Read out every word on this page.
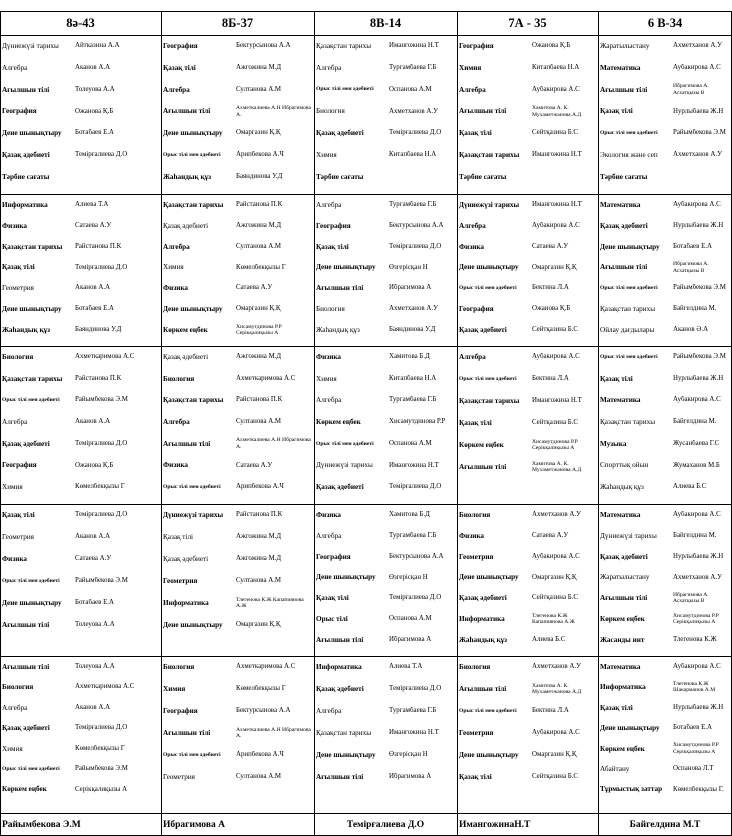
8ә-43
Дүниежүзі тарихы	Айтказина А.А
Алгебра	Аканов А.А
Ағылшын тілі	Толеуова А.А
География	Ожанова Қ.Б
Дене шынықтыру	Ботабаев Е.А
Қазақ әдебиеті	Темірғалиева Д.О
Тәрбие сағаты
Информатика	Алиева Т.А
Физика	Сатаева А.У
Қазақстан тарихы	Райстанова П.К
Қазақ тілі	Темірғалиева Д.О
Геометрия	Аканов А.А
Дене шынықтыру	Ботабаев Е.А
Жаһандық құз	Баяндинова У.Д
Биология	Ахметкаримова А.С
Қазақстан тарихы	Райстанова П.К
Орыс тілі мен әдебиеті	Райымбекова Э.М
Алгебра	Аканов А.А
Қазақ әдебиеті	Темірғалиева Д.О
География	Ожанова Қ.Б
Химия	Көмелбекқызы Г
Қазақ тілі	Темірғалиева Д.О
Геометрия	Аканов А.А
Физика	Сатаева А.У
Орыс тілі мен әдебиеті	Райымбекова Э.М
Дене шынықтыру	Ботабаев Е.А
Ағылшын тілі	Толеуова А.А
Ағылшын тілі	Толеуова А.А
Биология	Ахметкаримова А.С
Алгебра	Аканов А.А
Қазақ әдебиеті	Темірғалиева Д.О
Химия	Көмелбекқызы Г
Орыс тілі мен әдебиеті	Райымбекова Э.М
Көркем еңбек	Серікқалиқызы А
Райымбекова Э.М
8Б-37
География	Бектурсынова А.А
Қазақ тілі	Ажгожина М.Д
Алгебра	Султанова А.М
Ағылшын тілі	Ахметкалиева А.Н Ибрагимова А.
Дене шынықтыру	Омаргазин Қ.Қ
Орыс тілі мен әдебиеті	Арипбекова А.Ч
Жаһандық құз	Баяндинова У.Д
Қазақстан тарихы	Райстанова П.К
Қазақ әдебиеті	Ажгожина М.Д
Алгебра	Султанова А.М
Химия	Көмелбекқызы Г
Физика	Сатаева А.У
Дене шынықтыру	Омаргазин Қ.Қ
Көркем еңбек	Хисамутдинова Р.Р Серікқалиқызы А
Қазақ әдебиеті	Ажгожина М.Д
Биология	Ахметкаримова А.С
Қазақстан тарихы	Райстанова П.К
Алгебра	Султанова А.М
Ағылшын тілі	Ахметкалиева А.Н Ибрагимова А.
Физика	Сатаева А.У
Орыс тілі мен әдебиеті	Арипбекова А.Ч
Дүниежүзі тарихы	Райстанова П.К
Қазақ тілі	Ажгожина М.Д
Қазақ әдебиеті	Ажгожина М.Д
Геометрия	Султанова А.М
Информатика	Тлегенова К.Ж Капапиянова А.Ж
Дене шынықтыру	Омаргазин Қ.Қ
Биология	Ахметкаримова А.С
Химия	Көмелбекқызы Г
География	Бектурсынова А.А
Ағылшын тілі	Ахметкалиева А.Н Ибрагимова А.
Орыс тілі мен әдебиеті	Арипбекова А.Ч
Геометрия	Султанова А.М
Ибрагимова А
8В-14
Қазақстан тарихы	Имангожина Н.Т
Алгебра	Тургамбаева Г.Б
Орыс тілі мен әдебиеті	Оспанова А.М
Биология	Ахметханов А.У
Қазақ әдебиеті	Темірғалиева Д.О
Химия	Китапбаева Н.А
Тәрбие сағаты
Алгебра	Тургамбаева Г.Б
География	Бектурсынова А.А
Қазақ тілі	Темірғалиева Д.О
Дене шынықтыру	Өзгерісқан Н
Ағылшын тілі	Ибрагимова А
Биология	Ахметханов А.У
Жаһандық құз	Баяндинова У.Д
Физика	Хамитова Б.Д
Химия	Китапбаева Н.А
Алгебра	Тургамбаева Г.Б
Көркем еңбек	Хисамутдинова Р.Р
Орыс тілі мен әдебиеті	Оспанова А.М
Дүниежүзі тарихы	Имангожина Н.Т
Қазақ әдебиеті	Темірғалиева Д.О
Физика	Хамитова Б.Д
Алгебра	Тургамбаева Г.Б
География	Бектурсынова А.А
Дене шынықтыру	Өзгерісқан Н
Қазақ тілі	Темірғалиева Д.О
Орыс тілі	Оспанова А.М
Ағылшын тілі	Ибрагимова А
Информатика	Алиева Т.А
Қазақ әдебиеті	Темірғалиева Д.О
Алгебра	Тургамбаева Г.Б
Қазақстан тарихы	Имангожина Н.Т
Дене шынықтыру	Өзгерісқан Н
Ағылшын тілі	Ибрагимова А
Темірғалиева Д.О
7А - 35
География	Ожанова Қ.Б
Химия	Китапбаева Н.А
Алгебра	Аубакирова А.С
Ағылшын тілі	Хамитова А. К. Мухаметжанова А.Д
Қазақ тілі	Сейтқазина Б.С
Қазақстан тарихы	Имангожина Н.Т
Тәрбие сағаты
Дүниежүзі тарихы	Имангожина Н.Т
Алгебра	Аубакирова А.С
Физика	Сатаева А.У
Дене шынықтыру	Омаргазин Қ.Қ
Орыс тілі мен әдебиеті	Бектина Л.А
География	Ожанова Қ.Б
Қазақ әдебиеті	Сейтқазина Б.С
Алгебра	Аубакирова А.С
Орыс тілі мен әдебиеті	Бектина Л.А
Қазақстан тарихы	Имангожина Н.Т
Қазақ тілі	Сейтқазина Б.С
Көркем еңбек	Хисамутдинова Р.Р Серікқалиқызы А
Ағылшын тілі	Хамитова А. К. Мухаметжанова А.Д
Биология	Ахметханов А.У
Физика	Сатаева А.У
Геометрия	Аубакирова А.С
Дене шынықтыру	Омаргазин Қ.Қ
Қазақ әдебиеті	Сейтқазина Б.С
Информатика	Тлегенова К.Ж Капапиянова А.Ж
Жаһандық құз	Алиева Б.С
Биология	Ахметханов А.У
Ағылшын тілі	Хамитова А. К. Мухаметжанова А.Д
Орыс тілі мен әдебиеті	Бектина Л.А
Геометрия	Аубакирова А.С
Дене шынықтыру	Омаргазин Қ.Қ
Қазақ тілі	Сейтқазина Б.С
ИмангожинаН.Т
6 В-34
Жаратылыстану	Ахметханов А.У
Математика	Аубакирова А.С
Ағылшын тілі	Ибрагимова А. Асхатқызы В
Қазақ тілі	Нурлыбаева Ж.Н
Орыс тілі мен әдебиеті	Райымбекова Э.М
Экология және сеп	Ахметханов А.У
Тәрбие сағаты
Математика	Аубакирова А.С
Қазақ әдебиеті	Нурлыбаева Ж.Н
Дене шынықтыру	Ботабаев Е.А
Ағылшын тілі	Ибрагимова А. Асхатқызы В
Орыс тілі мен әдебиеті	Райымбекова Э.М
Қазақстан тарихы	Байгелдина М.
Ойлау дағдылары	Аканов Ә.А
Орыс тілі мен әдебиеті	Райымбекова Э.М
Қазақ тілі	Нурлыбаева Ж.Н
Математика	Аубакирова А.С
Қазақстан тарихы	Байгелдина М.
Музыка	Жусанбаева Г.С
Спорттық ойын	Жумаханов М.Б
Жаһандық құз	Алиева Б.С
Математика	Аубакирова А.С
Дүниежүзі тарихы	Байгелдина М.
Қазақ әдебиеті	Нурлыбаева Ж.Н
Жаратылыстану	Ахметханов А.У
Ағылшын тілі	Ибрагимова А. Асхатқызы В
Көркем еңбек	Хисамутдинова Р.Р Серікқалиқызы А
Жасанды инт	Тлегенова К.Ж
Математика	Аубакирова А.С
Информатика	Тлегенова К.Ж Шакарманов А.М
Қазақ тілі	Нурлыбаева Ж.Н
Дене шынықтыру	Ботабаев Е.А
Көркем еңбек	Хисамутдинова Р.Р Серікқалиқызы А
Абайтану	Оспанова Л.Т
Тұрмыстық заттар	Көмелбекқызы Г.
Байгелдина М.Т
